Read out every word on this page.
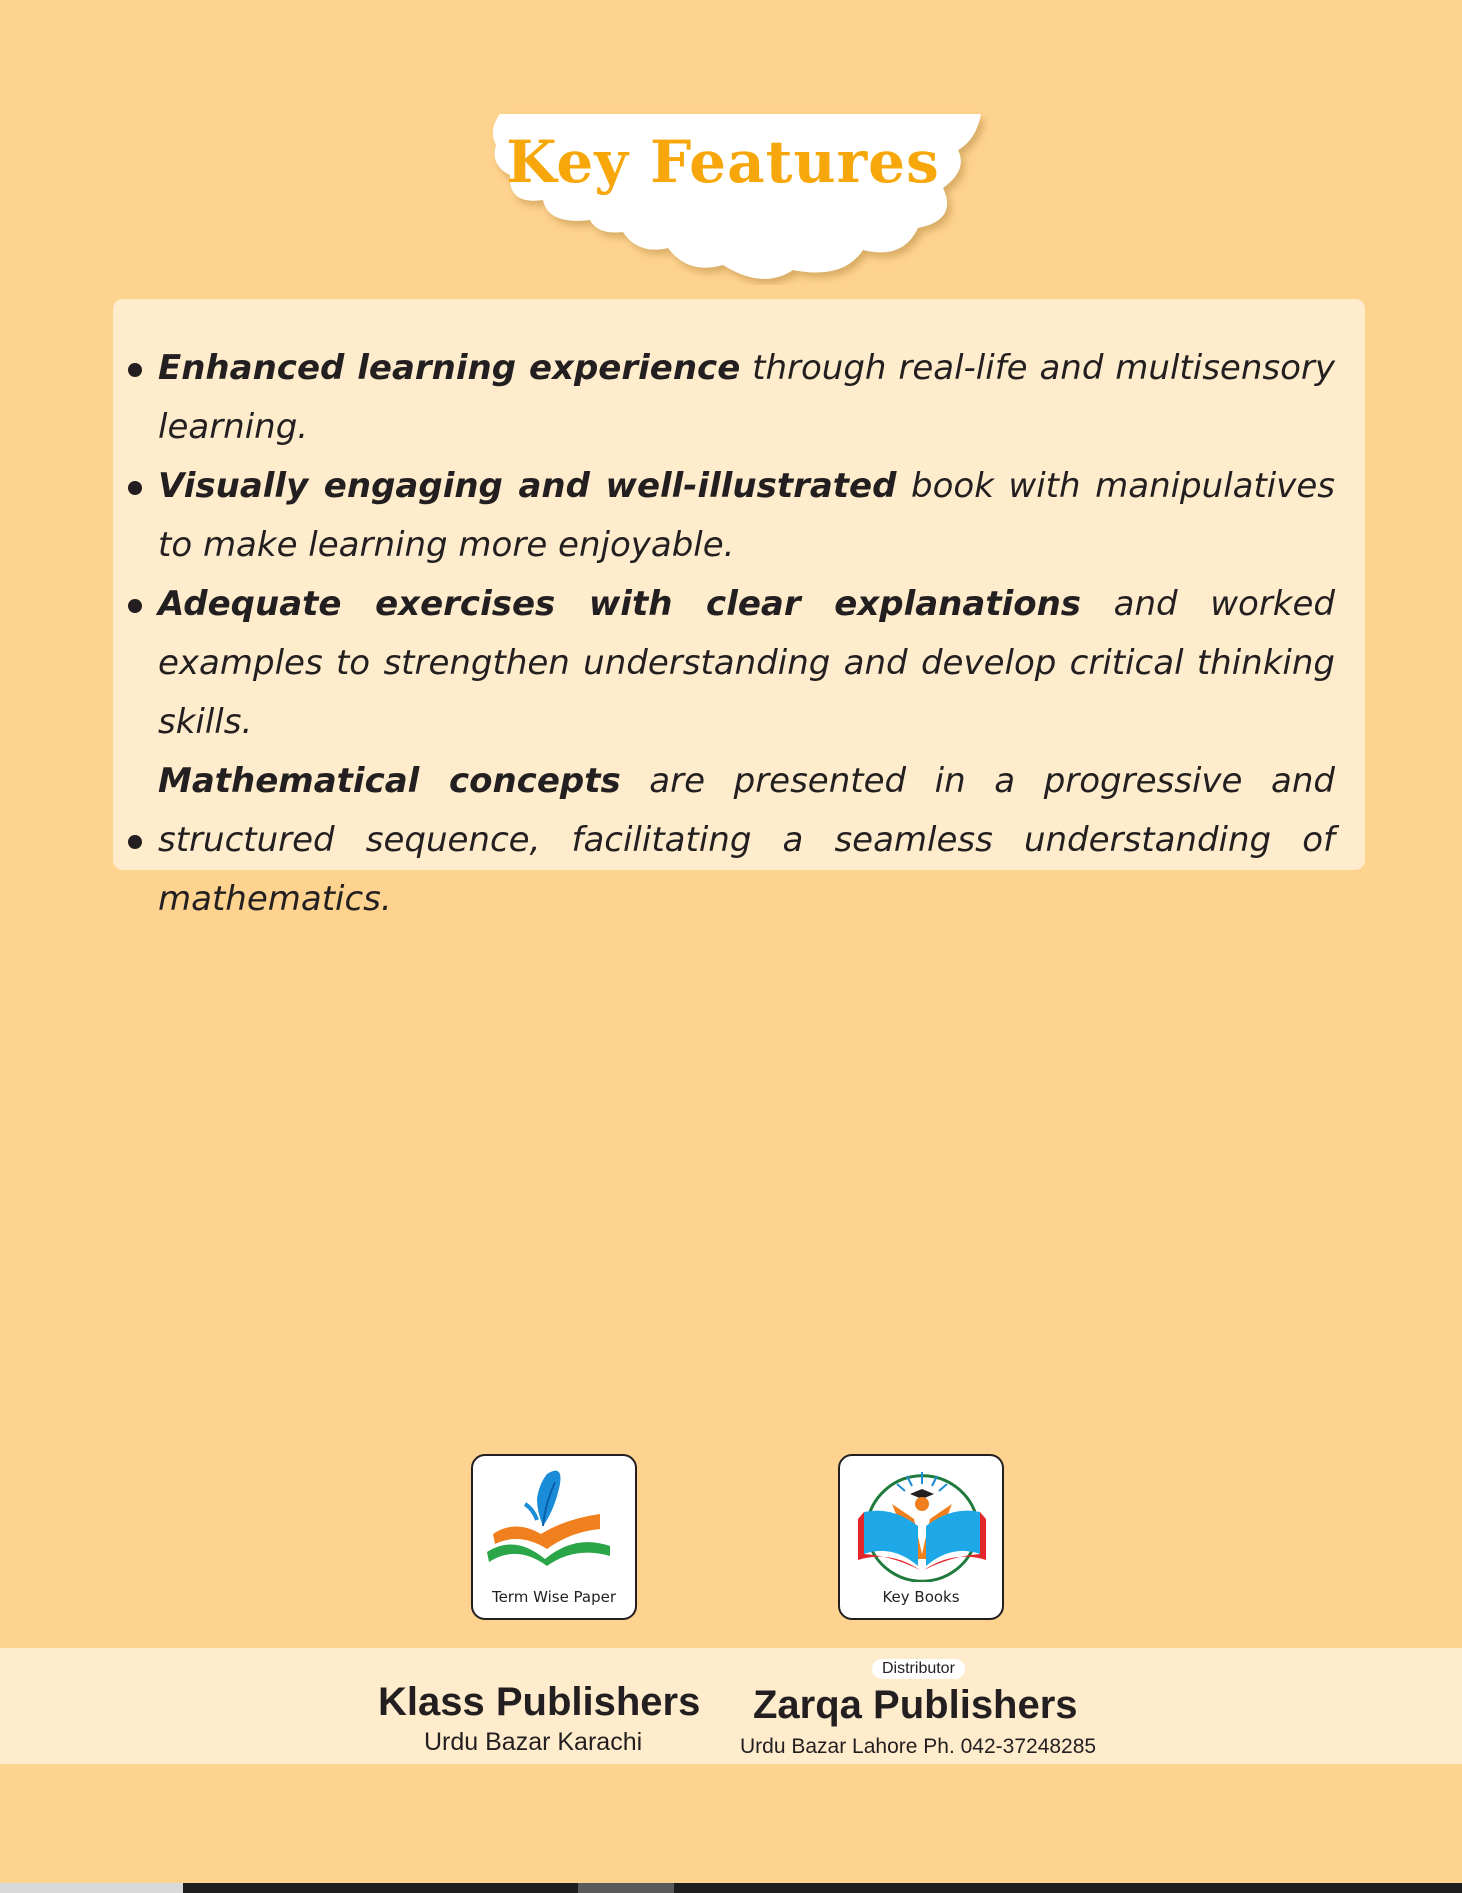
Key Features
Enhanced learning experience through real-life and multisensory learning.
Visually engaging and well-illustrated book with manipulatives to make learning more enjoyable.
Adequate exercises with clear explanations and worked examples to strengthen understanding and develop critical thinking skills.
Mathematical concepts are presented in a progressive and structured sequence, facilitating a seamless understanding of mathematics.
Term Wise Paper	Key Books
Klass Publishers
Urdu Bazar Karachi
Distributor
Zarqa Publishers
Urdu Bazar Lahore Ph. 042-37248285
